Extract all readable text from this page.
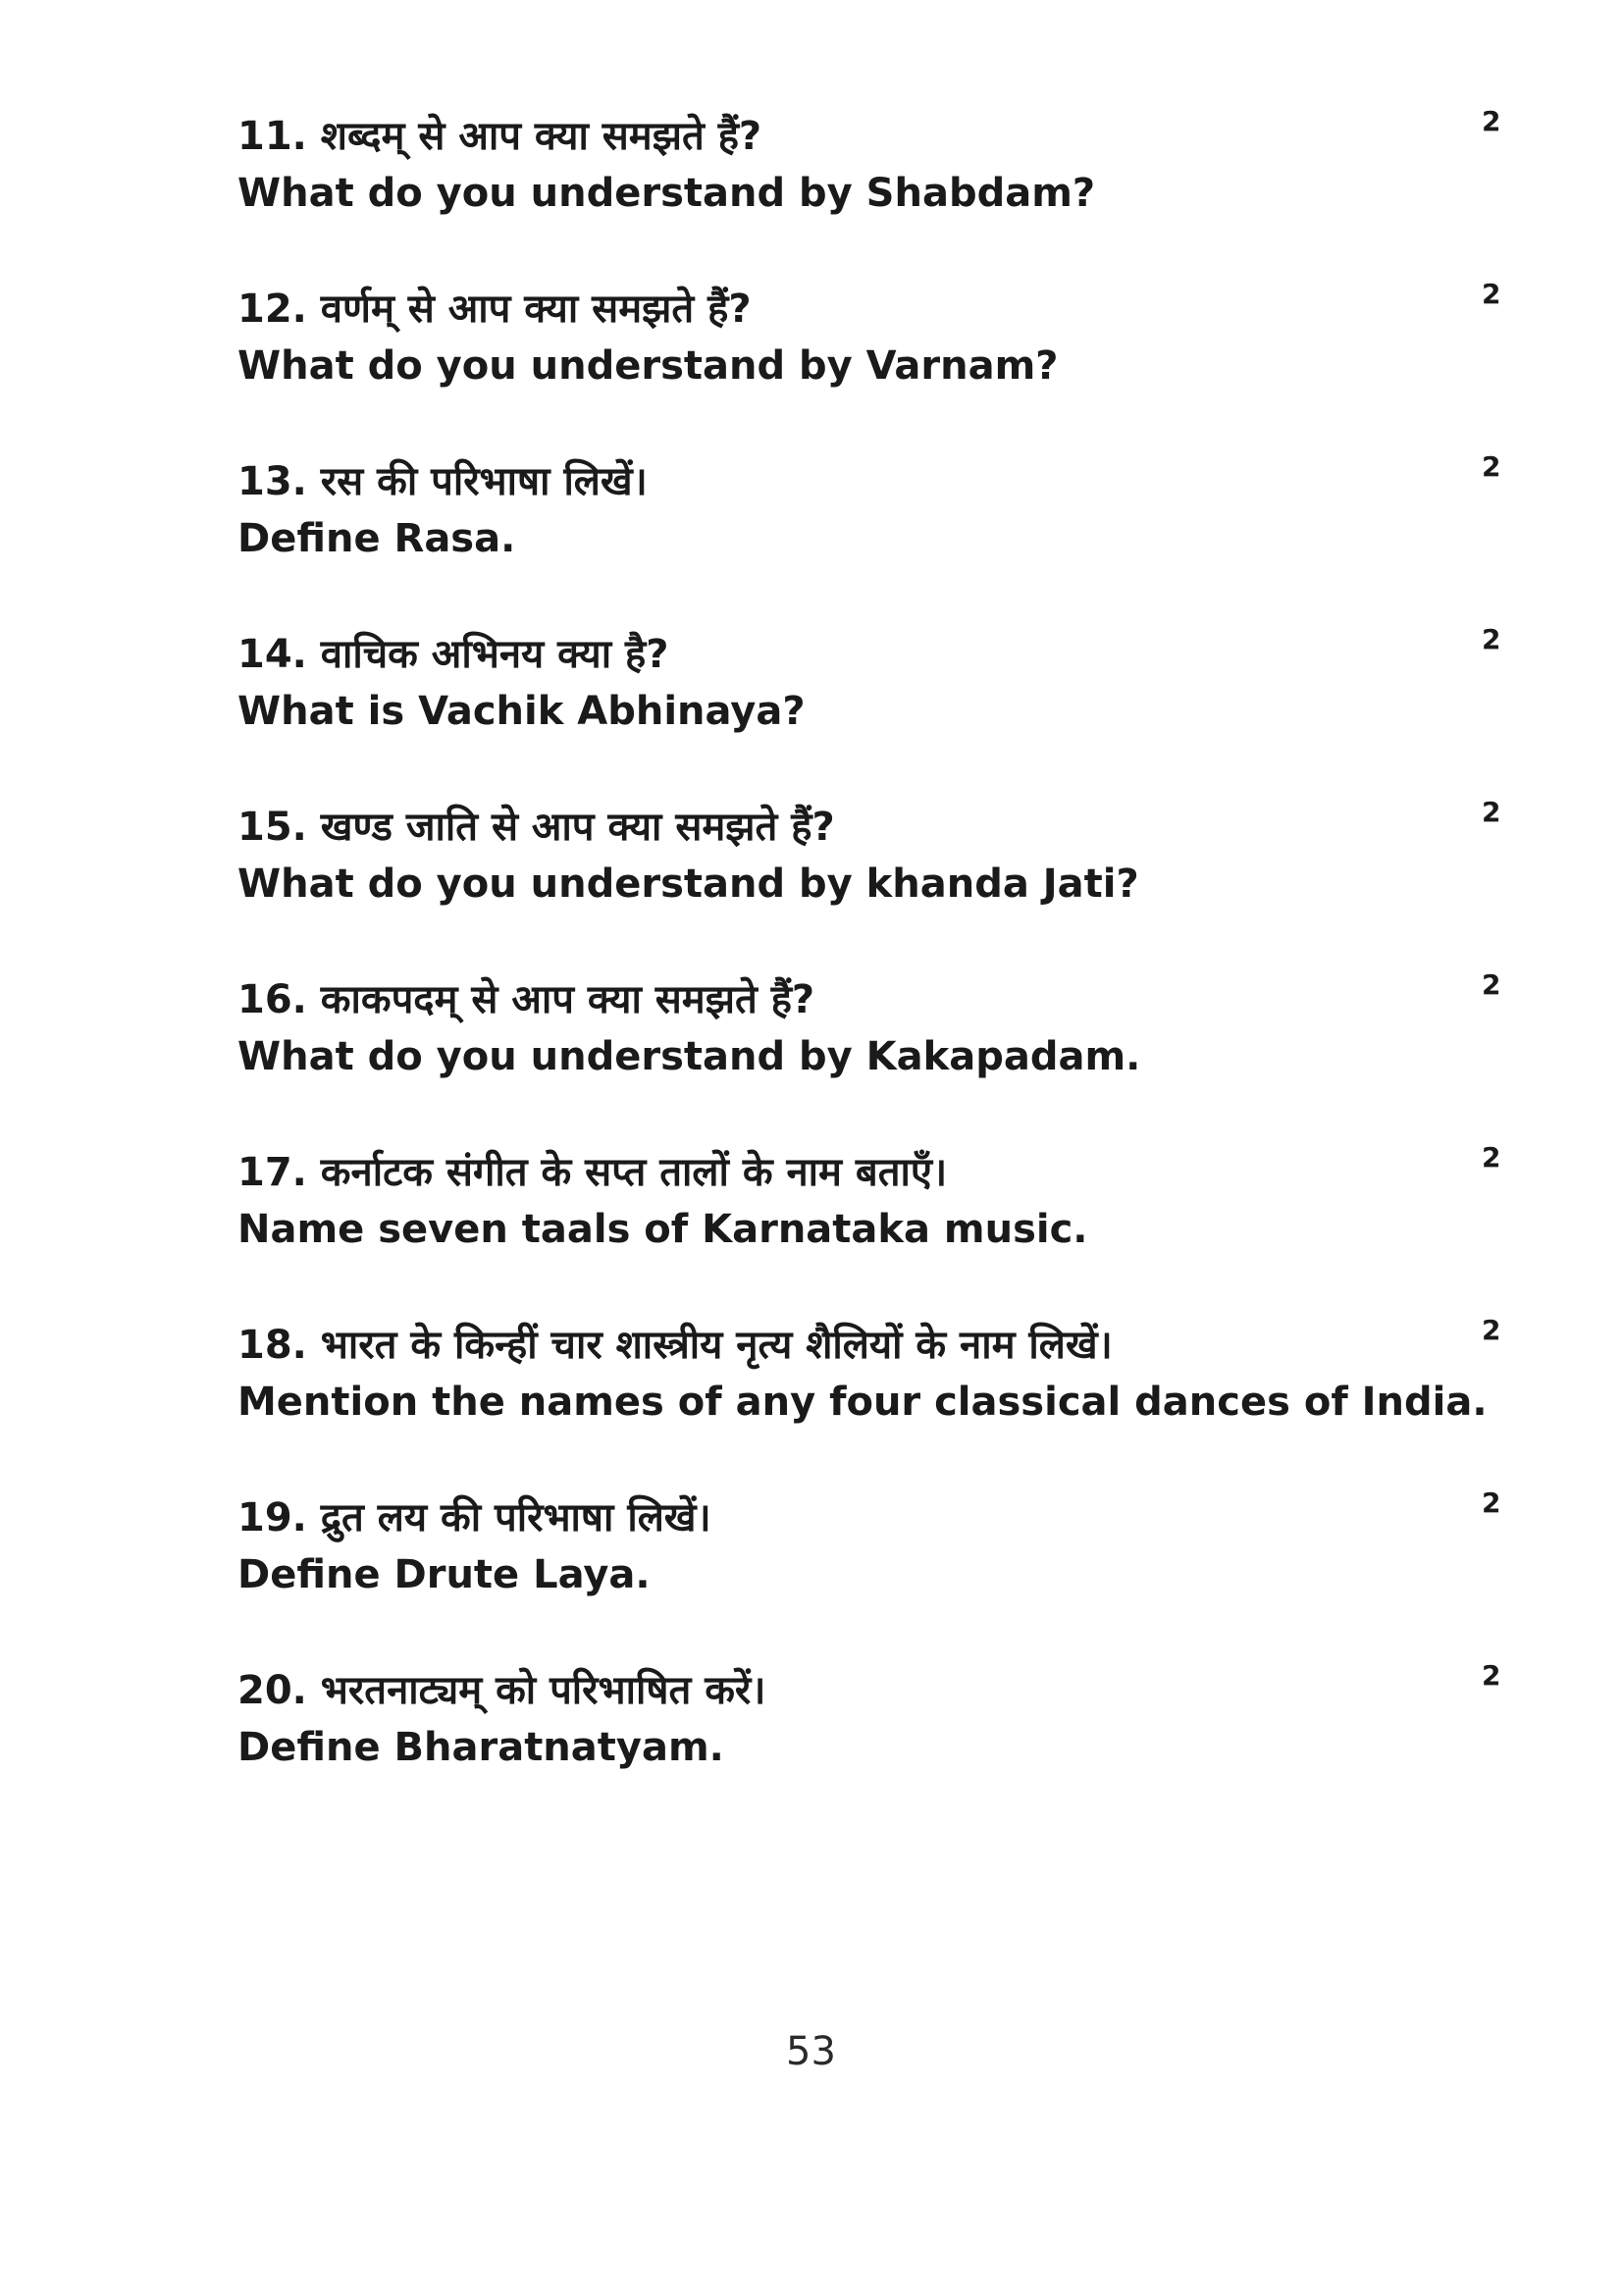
11. शब्दम् से आप क्या समझते हैं?
What do you understand by Shabdam?
2
12. वर्णम् से आप क्या समझते हैं?
What do you understand by Varnam?
2
13. रस की परिभाषा लिखें।
Define Rasa.
2
14. वाचिक अभिनय क्या है?
What is Vachik Abhinaya?
2
15. खण्ड जाति से आप क्या समझते हैं?
What do you understand by khanda Jati?
2
16. काकपदम् से आप क्या समझते हैं?
What do you understand by Kakapadam.
2
17. कर्नाटक संगीत के सप्त तालों के नाम बताएँ।
Name seven taals of Karnataka music.
2
18. भारत के किन्हीं चार शास्त्रीय नृत्य शैलियों के नाम लिखें।
Mention the names of any four classical dances of India.
2
19. द्रुत लय की परिभाषा लिखें।
Define Drute Laya.
2
20. भरतनाट्यम् को परिभाषित करें।
Define Bharatnatyam.
2
53
